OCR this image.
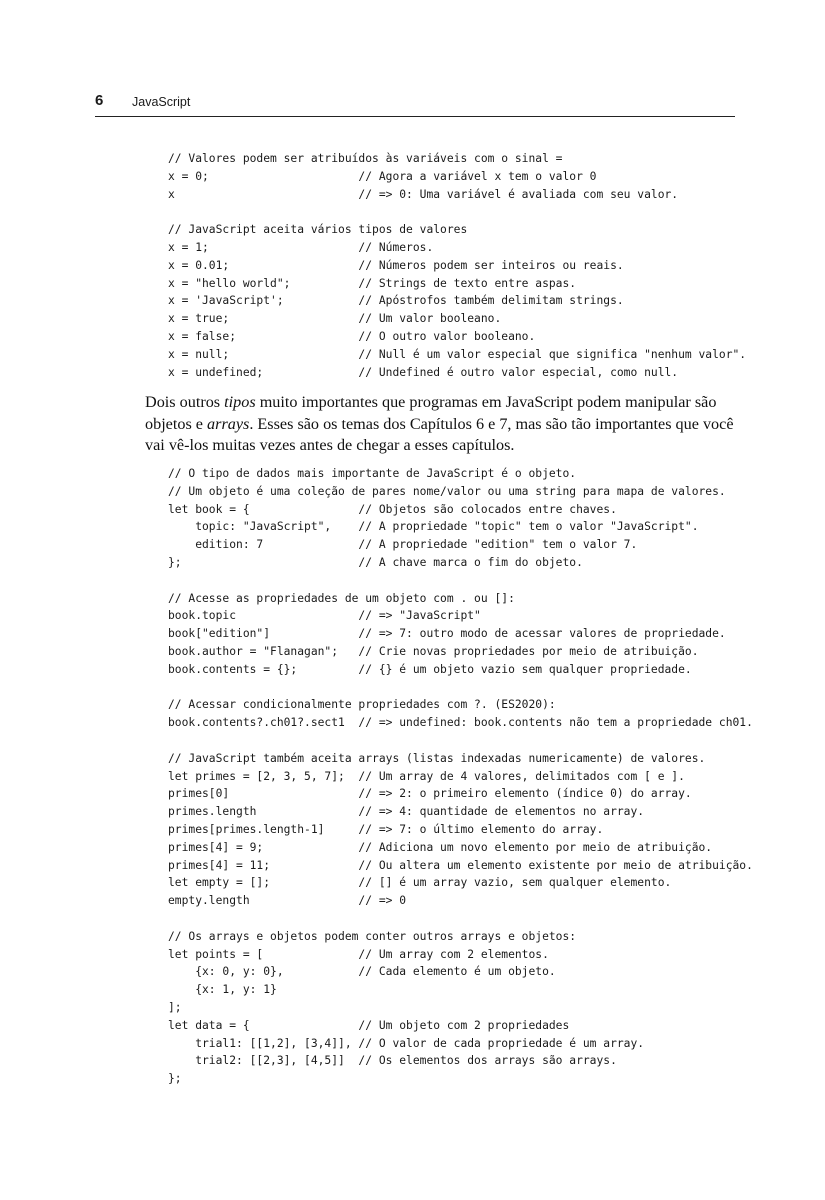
6 JavaScript
// Valores podem ser atribuídos às variáveis com o sinal =
x = 0;                      // Agora a variável x tem o valor 0
x                           // => 0: Uma variável é avaliada com seu valor.
// JavaScript aceita vários tipos de valores
x = 1;                      // Números.
x = 0.01;                   // Números podem ser inteiros ou reais.
x = "hello world";          // Strings de texto entre aspas.
x = 'JavaScript';           // Apóstrofos também delimitam strings.
x = true;                   // Um valor booleano.
x = false;                  // O outro valor booleano.
x = null;                   // Null é um valor especial que significa "nenhum valor".
x = undefined;              // Undefined é outro valor especial, como null.

Dois outros tipos muito importantes que programas em JavaScript podem manipular são objetos e arrays. Esses são os temas dos Capítulos 6 e 7, mas são tão importantes que você vai vê-los muitas vezes antes de chegar a esses capítulos.

// O tipo de dados mais importante de JavaScript é o objeto.
// Um objeto é uma coleção de pares nome/valor ou uma string para mapa de valores.
let book = {                // Objetos são colocados entre chaves.
topic: "JavaScript",    // A propriedade "topic" tem o valor "JavaScript".
edition: 7              // A propriedade "edition" tem o valor 7.
};                          // A chave marca o fim do objeto.
// Acesse as propriedades de um objeto com . ou []:
book.topic                  // => "JavaScript"
book["edition"]             // => 7: outro modo de acessar valores de propriedade.
book.author = "Flanagan";   // Crie novas propriedades por meio de atribuição.
book.contents = {};         // {} é um objeto vazio sem qualquer propriedade.
// Acessar condicionalmente propriedades com ?. (ES2020):
book.contents?.ch01?.sect1  // => undefined: book.contents não tem a propriedade ch01.
// JavaScript também aceita arrays (listas indexadas numericamente) de valores.
let primes = [2, 3, 5, 7];  // Um array de 4 valores, delimitados com [ e ].
primes[0]                   // => 2: o primeiro elemento (índice 0) do array.
primes.length               // => 4: quantidade de elementos no array.
primes[primes.length-1]     // => 7: o último elemento do array.
primes[4] = 9;              // Adiciona um novo elemento por meio de atribuição.
primes[4] = 11;             // Ou altera um elemento existente por meio de atribuição.
let empty = [];             // [] é um array vazio, sem qualquer elemento.
empty.length                // => 0
// Os arrays e objetos podem conter outros arrays e objetos:
let points = [              // Um array com 2 elementos.
{x: 0, y: 0},           // Cada elemento é um objeto.
{x: 1, y: 1}
];
let data = {                // Um objeto com 2 propriedades
trial1: [[1,2], [3,4]], // O valor de cada propriedade é um array.
trial2: [[2,3], [4,5]]  // Os elementos dos arrays são arrays.
};
